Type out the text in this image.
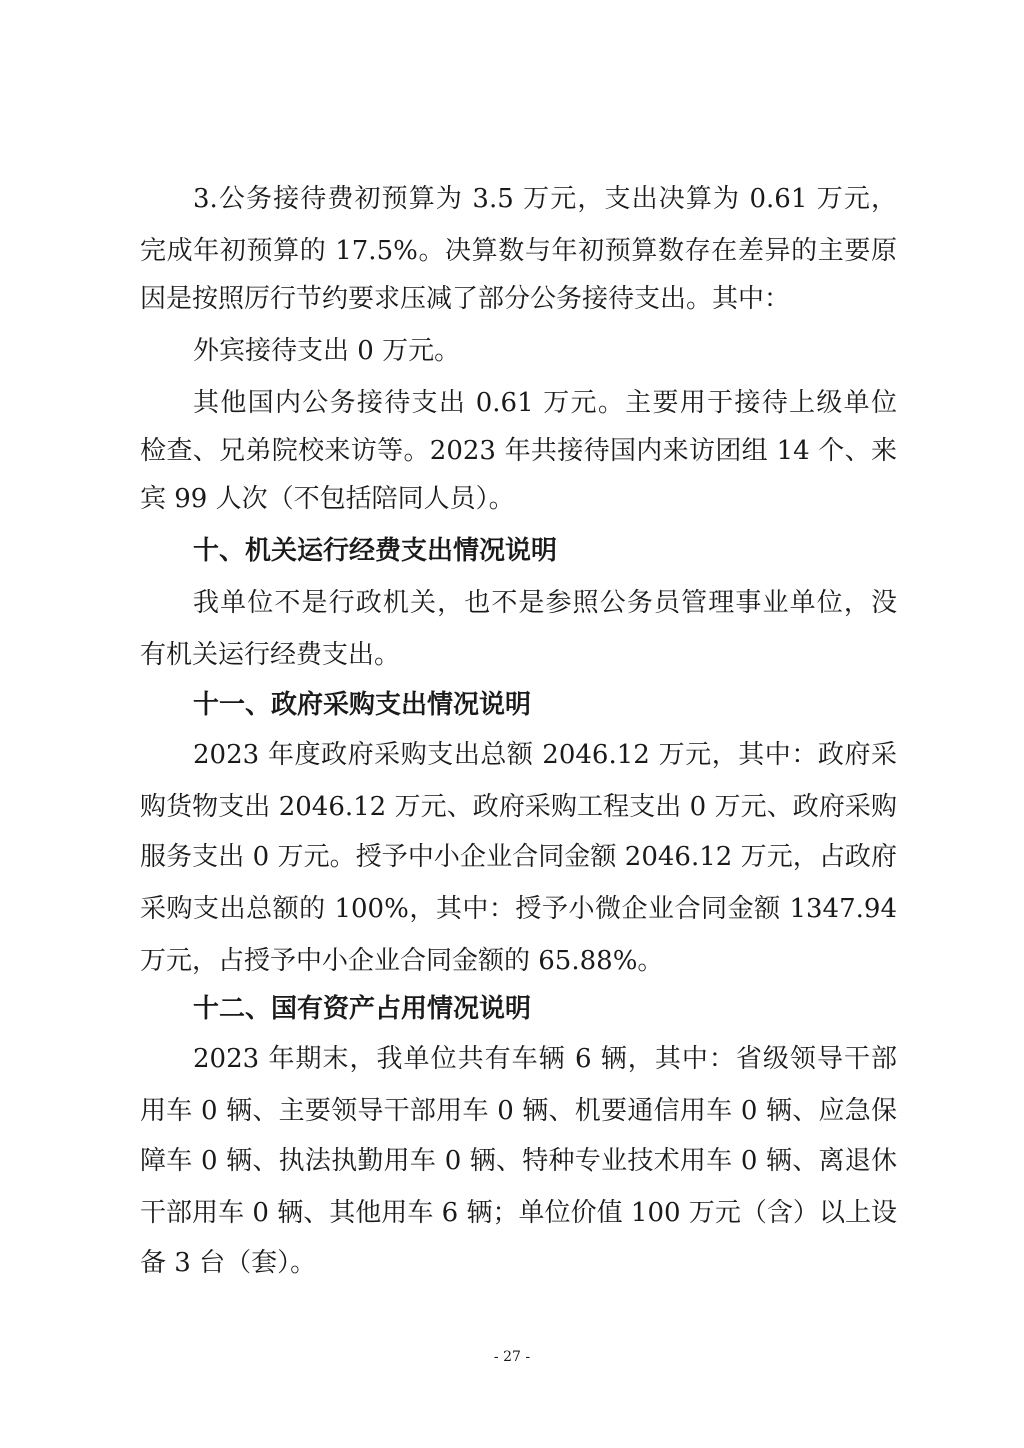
3.公务接待费初预算为 3.5 万元，支出决算为 0.61 万元，
完成年初预算的 17.5%。决算数与年初预算数存在差异的主要原
因是按照厉行节约要求压减了部分公务接待支出。其中：
外宾接待支出 0 万元。
其他国内公务接待支出 0.61 万元。主要用于接待上级单位
检查、兄弟院校来访等。2023 年共接待国内来访团组 14 个、来
宾 99 人次（不包括陪同人员）。
十、机关运行经费支出情况说明
我单位不是行政机关，也不是参照公务员管理事业单位，没
有机关运行经费支出。
十一、政府采购支出情况说明
2023 年度政府采购支出总额 2046.12 万元，其中：政府采
购货物支出 2046.12 万元、政府采购工程支出 0 万元、政府采购
服务支出 0 万元。授予中小企业合同金额 2046.12 万元，占政府
采购支出总额的 100%，其中：授予小微企业合同金额 1347.94
万元，占授予中小企业合同金额的 65.88%。
十二、国有资产占用情况说明
2023 年期末，我单位共有车辆 6 辆，其中：省级领导干部
用车 0 辆、主要领导干部用车 0 辆、机要通信用车 0 辆、应急保
障车 0 辆、执法执勤用车 0 辆、特种专业技术用车 0 辆、离退休
干部用车 0 辆、其他用车 6 辆；单位价值 100 万元（含）以上设
备 3 台（套）。
- 27 -
